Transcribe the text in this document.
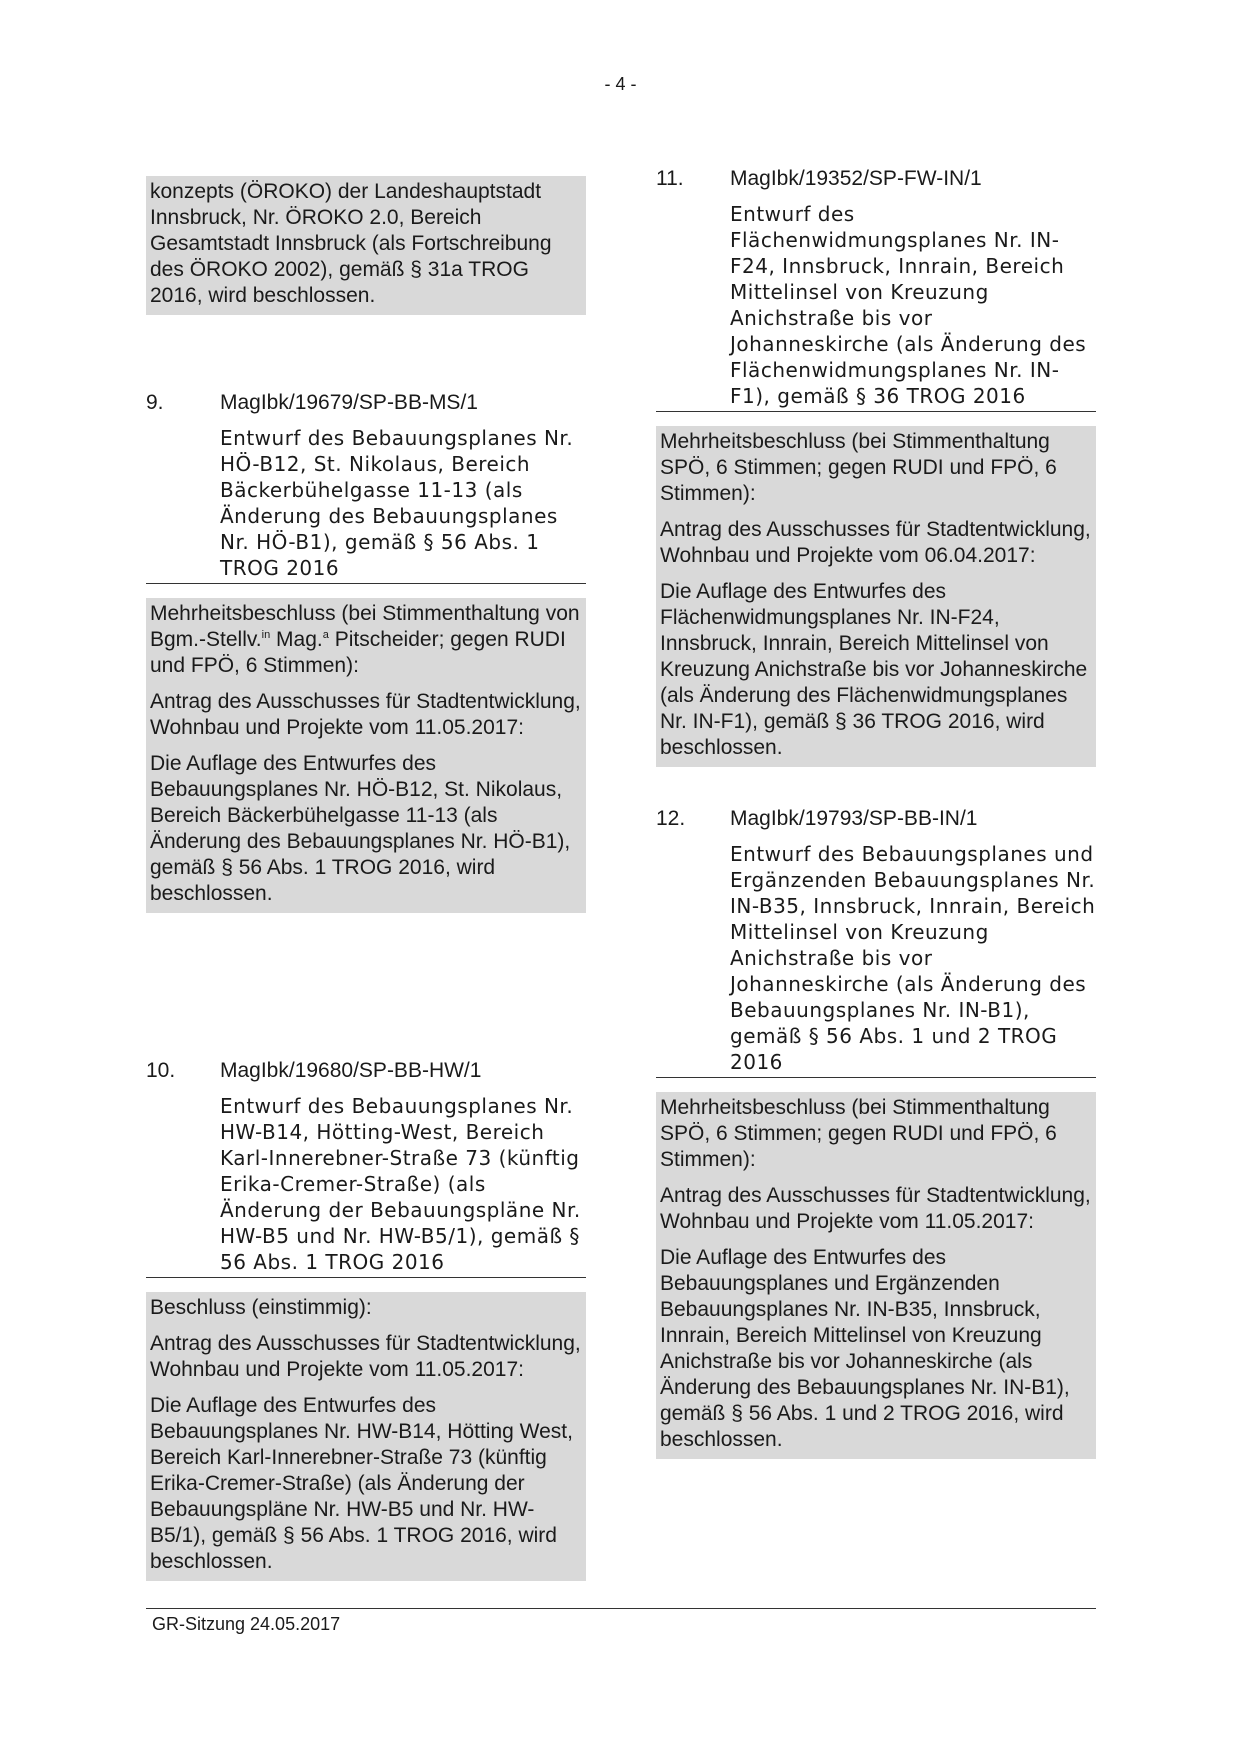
- 4 -

konzepts (ÖROKO) der Landeshauptstadt Innsbruck, Nr. ÖROKO 2.0, Bereich Gesamtstadt Innsbruck (als Fortschreibung des ÖROKO 2002), gemäß § 31a TROG 2016, wird beschlossen.

9.	MagIbk/19679/SP-BB-MS/1
Entwurf des Bebauungsplanes Nr. HÖ-B12, St. Nikolaus, Bereich Bäckerbühelgasse 11-13 (als Änderung des Bebauungsplanes Nr. HÖ-B1), gemäß § 56 Abs. 1 TROG 2016

Mehrheitsbeschluss (bei Stimmenthaltung von Bgm.-Stellv.$^{in}$ Mag.$^a$ Pitscheider; gegen RUDI und FPÖ, 6 Stimmen):

Antrag des Ausschusses für Stadtentwicklung, Wohnbau und Projekte vom 11.05.2017:

Die Auflage des Entwurfes des Bebauungsplanes Nr. HÖ-B12, St. Nikolaus, Bereich Bäckerbühelgasse 11-13 (als Änderung des Bebauungsplanes Nr. HÖ-B1), gemäß § 56 Abs. 1 TROG 2016, wird beschlossen.

10.	MagIbk/19680/SP-BB-HW/1
Entwurf des Bebauungsplanes Nr. HW-B14, Hötting-West, Bereich Karl-Innerebner-Straße 73 (künftig Erika-Cremer-Straße) (als Änderung der Bebauungspläne Nr. HW-B5 und Nr. HW-B5/1), gemäß § 56 Abs. 1 TROG 2016

Beschluss (einstimmig):

Antrag des Ausschusses für Stadtentwicklung, Wohnbau und Projekte vom 11.05.2017:

Die Auflage des Entwurfes des Bebauungsplanes Nr. HW-B14, Hötting West, Bereich Karl-Innerebner-Straße 73 (künftig Erika-Cremer-Straße) (als Änderung der Bebauungspläne Nr. HW-B5 und Nr. HW-B5/1), gemäß § 56 Abs. 1 TROG 2016, wird beschlossen.

11.	MagIbk/19352/SP-FW-IN/1
Entwurf des Flächenwidmungsplanes Nr. IN-F24, Innsbruck, Innrain, Bereich Mittelinsel von Kreuzung Anichstraße bis vor Johanneskirche (als Änderung des Flächenwidmungsplanes Nr. IN-F1), gemäß § 36 TROG 2016

Mehrheitsbeschluss (bei Stimmenthaltung SPÖ, 6 Stimmen; gegen RUDI und FPÖ, 6 Stimmen):

Antrag des Ausschusses für Stadtentwicklung, Wohnbau und Projekte vom 06.04.2017:

Die Auflage des Entwurfes des Flächenwidmungsplanes Nr. IN-F24, Innsbruck, Innrain, Bereich Mittelinsel von Kreuzung Anichstraße bis vor Johanneskirche (als Änderung des Flächenwidmungsplanes Nr. IN-F1), gemäß § 36 TROG 2016, wird beschlossen.

12.	MagIbk/19793/SP-BB-IN/1
Entwurf des Bebauungsplanes und Ergänzenden Bebauungsplanes Nr. IN-B35, Innsbruck, Innrain, Bereich Mittelinsel von Kreuzung Anichstraße bis vor Johanneskirche (als Änderung des Bebauungsplanes Nr. IN-B1), gemäß § 56 Abs. 1 und 2 TROG 2016

Mehrheitsbeschluss (bei Stimmenthaltung SPÖ, 6 Stimmen; gegen RUDI und FPÖ, 6 Stimmen):

Antrag des Ausschusses für Stadtentwicklung, Wohnbau und Projekte vom 11.05.2017:

Die Auflage des Entwurfes des Bebauungsplanes und Ergänzenden Bebauungsplanes Nr. IN-B35, Innsbruck, Innrain, Bereich Mittelinsel von Kreuzung Anichstraße bis vor Johanneskirche (als Änderung des Bebauungsplanes Nr. IN-B1), gemäß § 56 Abs. 1 und 2 TROG 2016, wird beschlossen.

GR-Sitzung 24.05.2017
